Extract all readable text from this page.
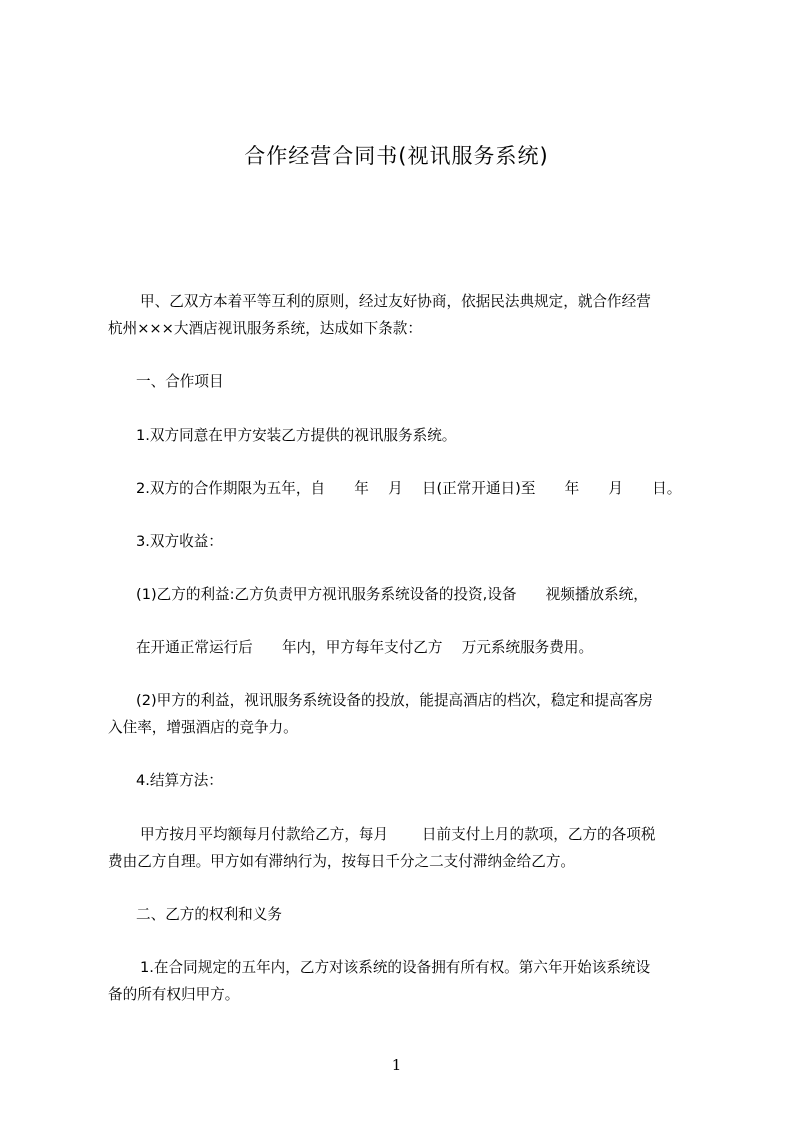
合作经营合同书(视讯服务系统)
甲、乙双方本着平等互利的原则，经过友好协商，依据民法典规定，就合作经营
杭州×××大酒店视讯服务系统，达成如下条款：
一、合作项目
1.双方同意在甲方安装乙方提供的视讯服务系统。
2.双方的合作期限为五年，自　　年　 月　 日(正常开通日)至　　年　　月　　日。
3.双方收益：
(1)乙方的利益:乙方负责甲方视讯服务系统设备的投资,设备　　视频播放系统，
在开通正常运行后　　年内，甲方每年支付乙方　 万元系统服务费用。
(2)甲方的利益，视讯服务系统设备的投放，能提高酒店的档次，稳定和提高客房
入住率，增强酒店的竞争力。
4.结算方法：
甲方按月平均额每月付款给乙方，每月　　 日前支付上月的款项，乙方的各项税
费由乙方自理。甲方如有滞纳行为，按每日千分之二支付滞纳金给乙方。
二、乙方的权利和义务
1.在合同规定的五年内，乙方对该系统的设备拥有所有权。第六年开始该系统设
备的所有权归甲方。
1
